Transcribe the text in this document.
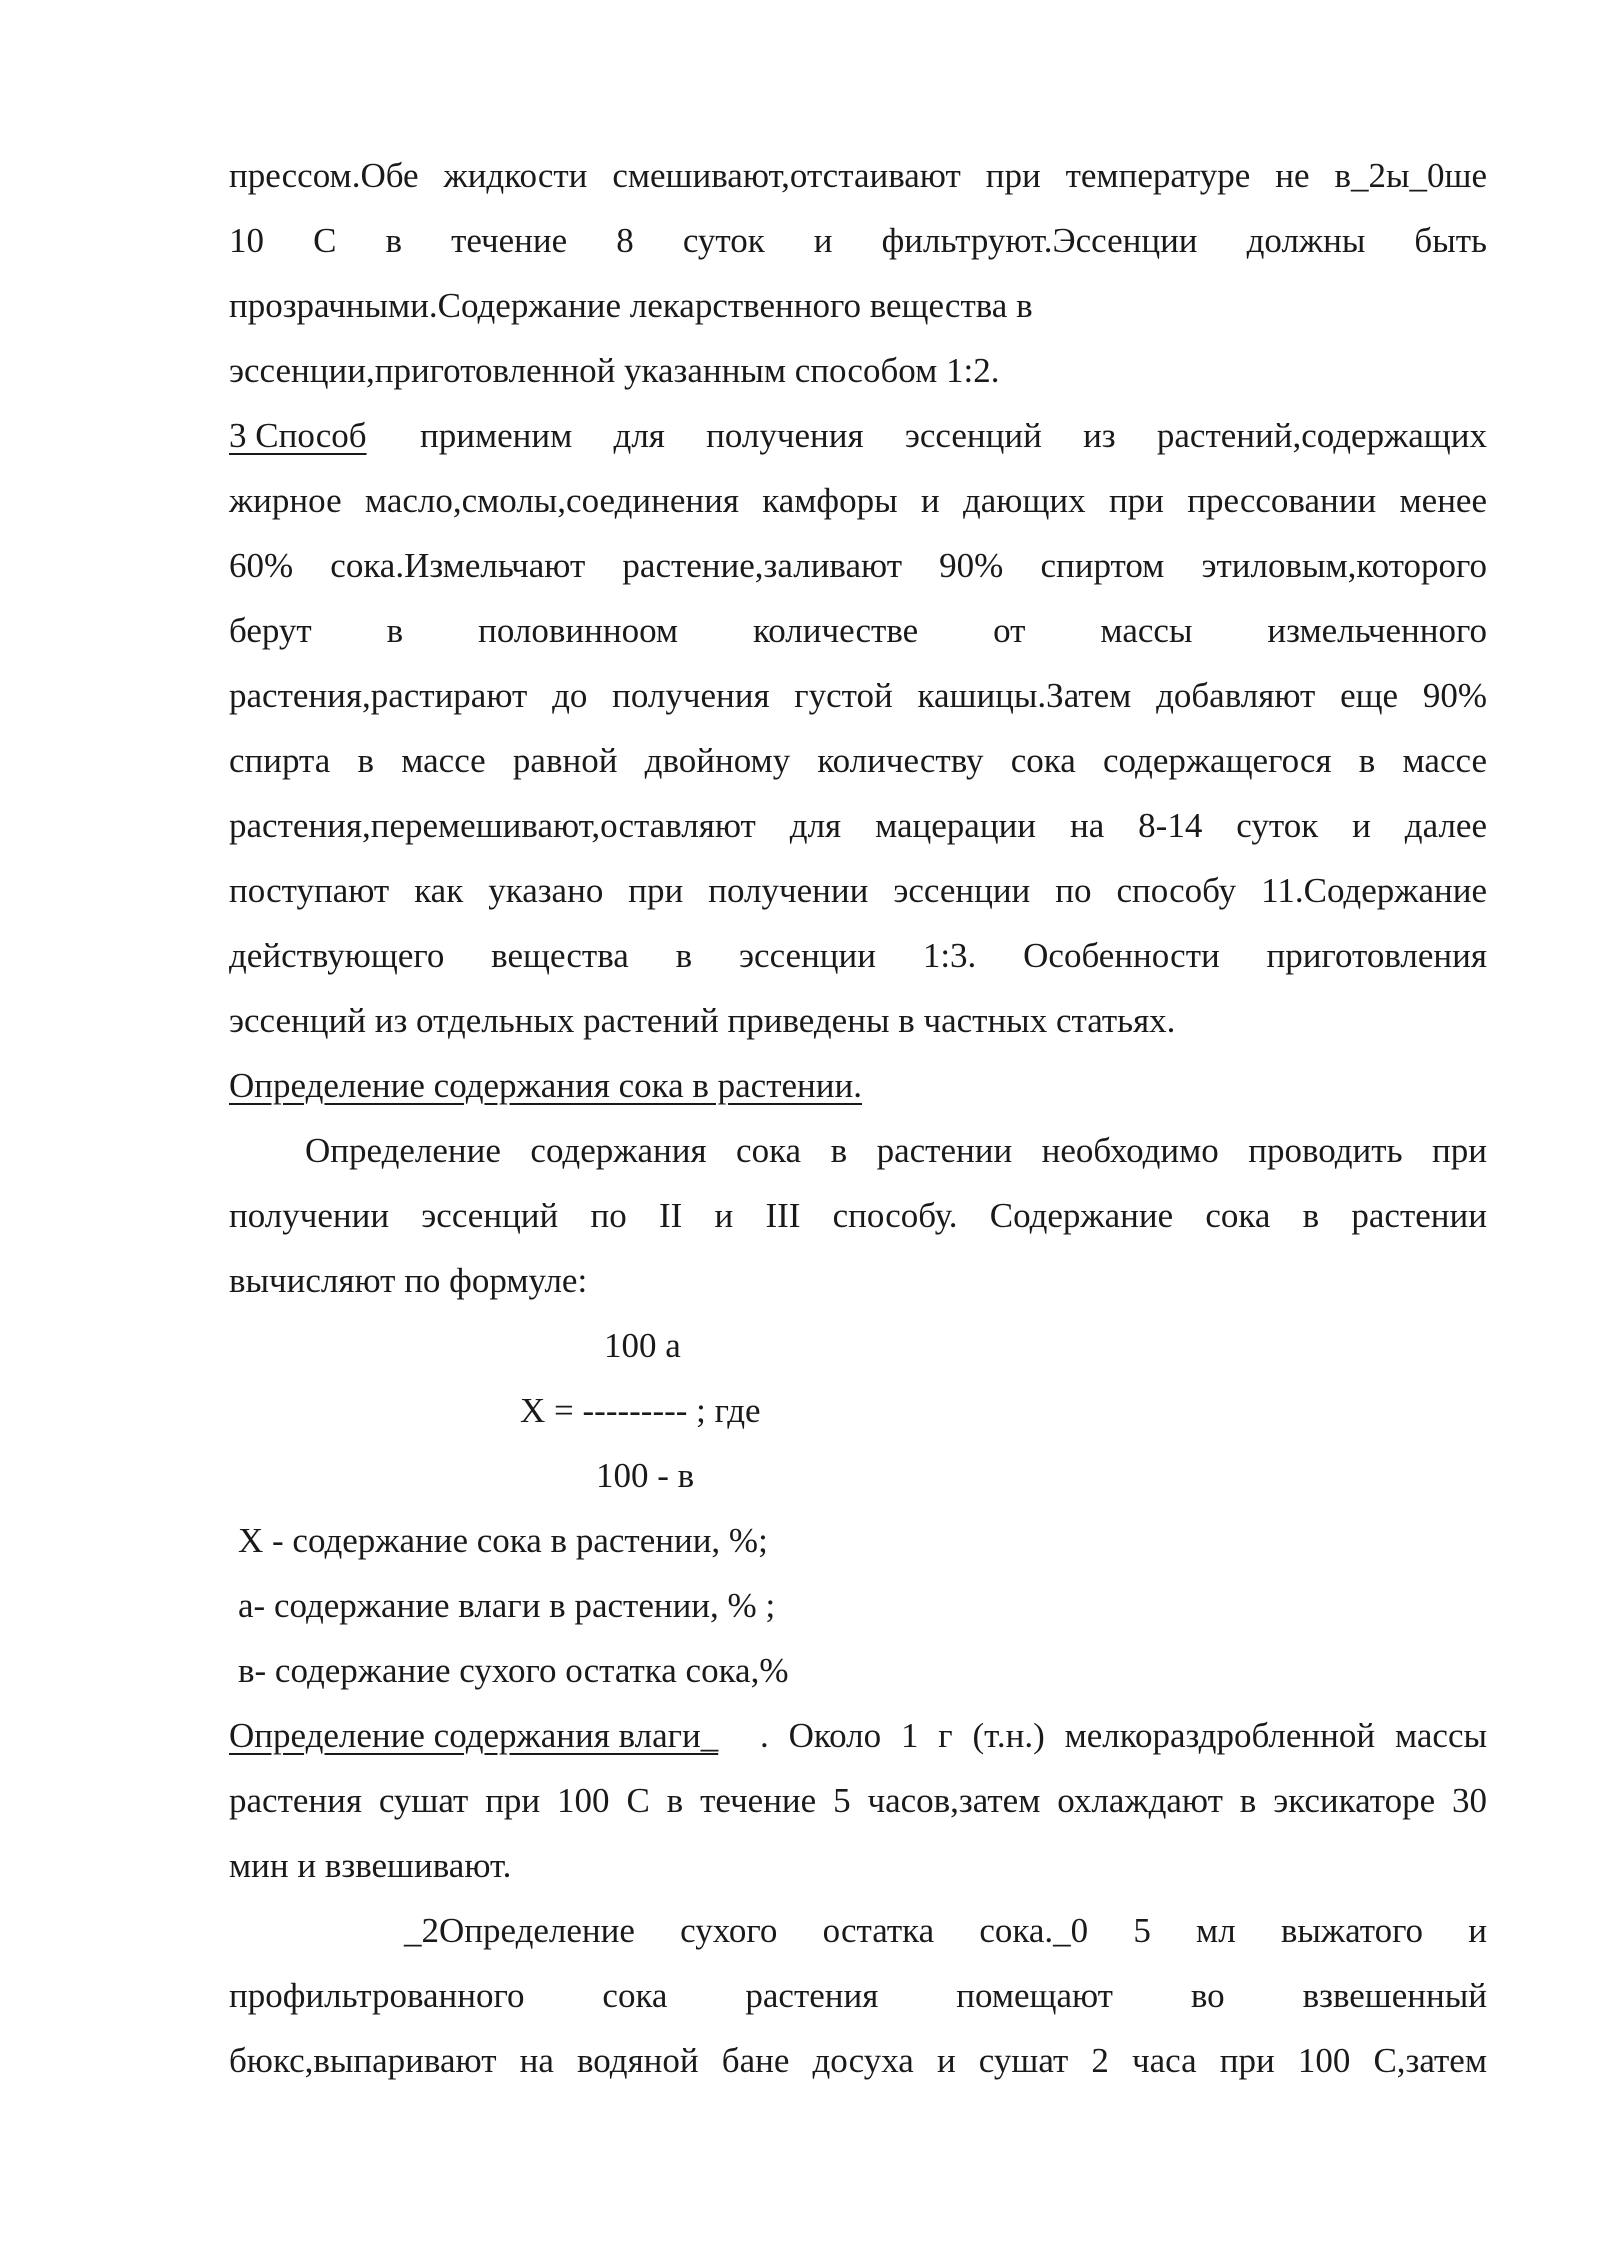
прессом.Обе жидкости смешивают,отстаивают при температуре не в_2ы_0ше
10 С в течение 8 суток и фильтруют.Эссенции должны быть
прозрачными.Содержание лекарственного вещества в
эссенции,приготовленной указанным способом 1:2.
3 Способ применим для получения эссенций из растений,содержащих
жирное масло,смолы,соединения камфоры и дающих при прессовании менее
60% сока.Измельчают растение,заливают 90% спиртом этиловым,которого
берут в половинноом количестве от массы измельченного
растения,растирают до получения густой кашицы.Затем добавляют еще 90%
спирта в массе равной двойному количеству сока содержащегося в массе
растения,перемешивают,оставляют для мацерации на 8-14 суток и далее
поступают как указано при получении эссенции по способу 11.Содержание
действующего вещества в эссенции 1:3. Особенности приготовления
эссенций из отдельных растений приведены в частных статьях.
Определение содержания сока в растении.
Определение содержания сока в растении необходимо проводить при
получении эссенций по II и III способу. Содержание сока в растении
вычисляют по формуле:
100 а
X = --------- ; где
100 - в
X - содержание сока в растении, %;
а- содержание влаги в растении, % ;
в- содержание сухого остатка сока,%
Определение содержания влаги_ . Около 1 г (т.н.) мелкораздробленной массы
растения сушат при 100 С в течение 5 часов,затем охлаждают в эксикаторе 30
мин и взвешивают.
_2Определение сухого остатка сока._0 5 мл выжатого и
профильтрованного сока растения помещают во взвешенный
бюкс,выпаривают на водяной бане досуха и сушат 2 часа при 100 С,затем
